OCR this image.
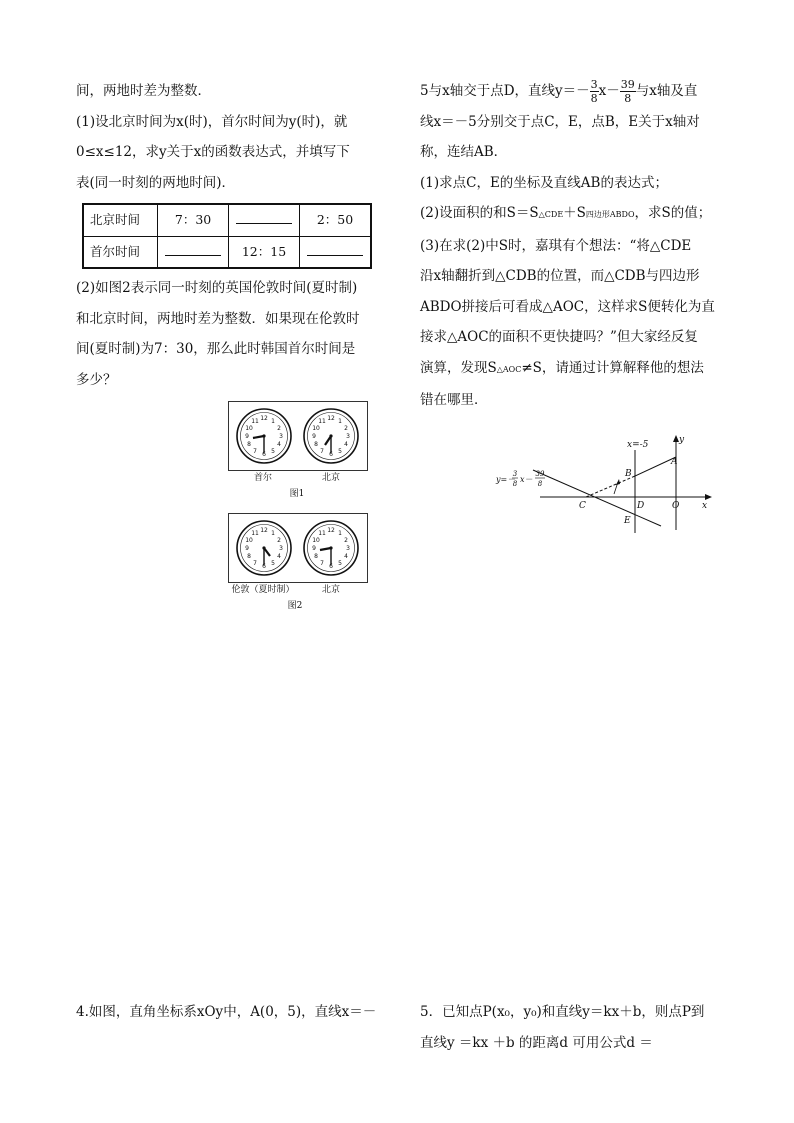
间，两地时差为整数．

(1)设北京时间为x(时)，首尔时间为y(时)，就

0≤x≤12，求y关于x的函数表达式，并填写下

表(同一时刻的两地时间)．

北京时间	7：30		2：50
首尔时间		12：15	

(2)如图2表示同一时刻的英国伦敦时间(夏时制)

和北京时间，两地时差为整数．如果现在伦敦时

间(夏时制)为7：30，那么此时韩国首尔时间是

多少？

12 1
2
3
4
5
6
7
8
9
10
11	12 1
2
3
4
5
6
7
8
9
10
11
首尔	北京
图1
12 1
2
3
4
5
6
7
8
9
10
11	12 1
2
3
4
5
6
7
8
9
10
11
伦敦（夏时制）	北京
图2

5与x轴交于点D，直线$y=- \frac{3}{8} x- \frac{39}{8}$ 与x轴及直

线x＝－5分别交于点C，E，点B，E关于x轴对

称，连结AB．

(1)求点C，E的坐标及直线AB的表达式；

(2)设面积的和S＝S△CDE＋S四边形ABDO，求S的值；

(3)在求(2)中S时，嘉琪有个想法：“将△CDE

沿x轴翻折到△CDB的位置，而△CDB与四边形

ABDO拼接后可看成△AOC，这样求S便转化为直

接求△AOC的面积不更快捷吗？”但大家经反复

演算，发现S△AOC≠S，请通过计算解释他的想法

错在哪里．

x=-5	y
x
A
B
C	D
E
O
y=－
3
8 x－
39
8

4.如图，直角坐标系xOy中，A(0，5)，直线x＝－	5．已知点P(x₀，y₀)和直线y＝kx＋b，则点P到

直线y ＝kx ＋b 的距离d 可用公式d ＝
